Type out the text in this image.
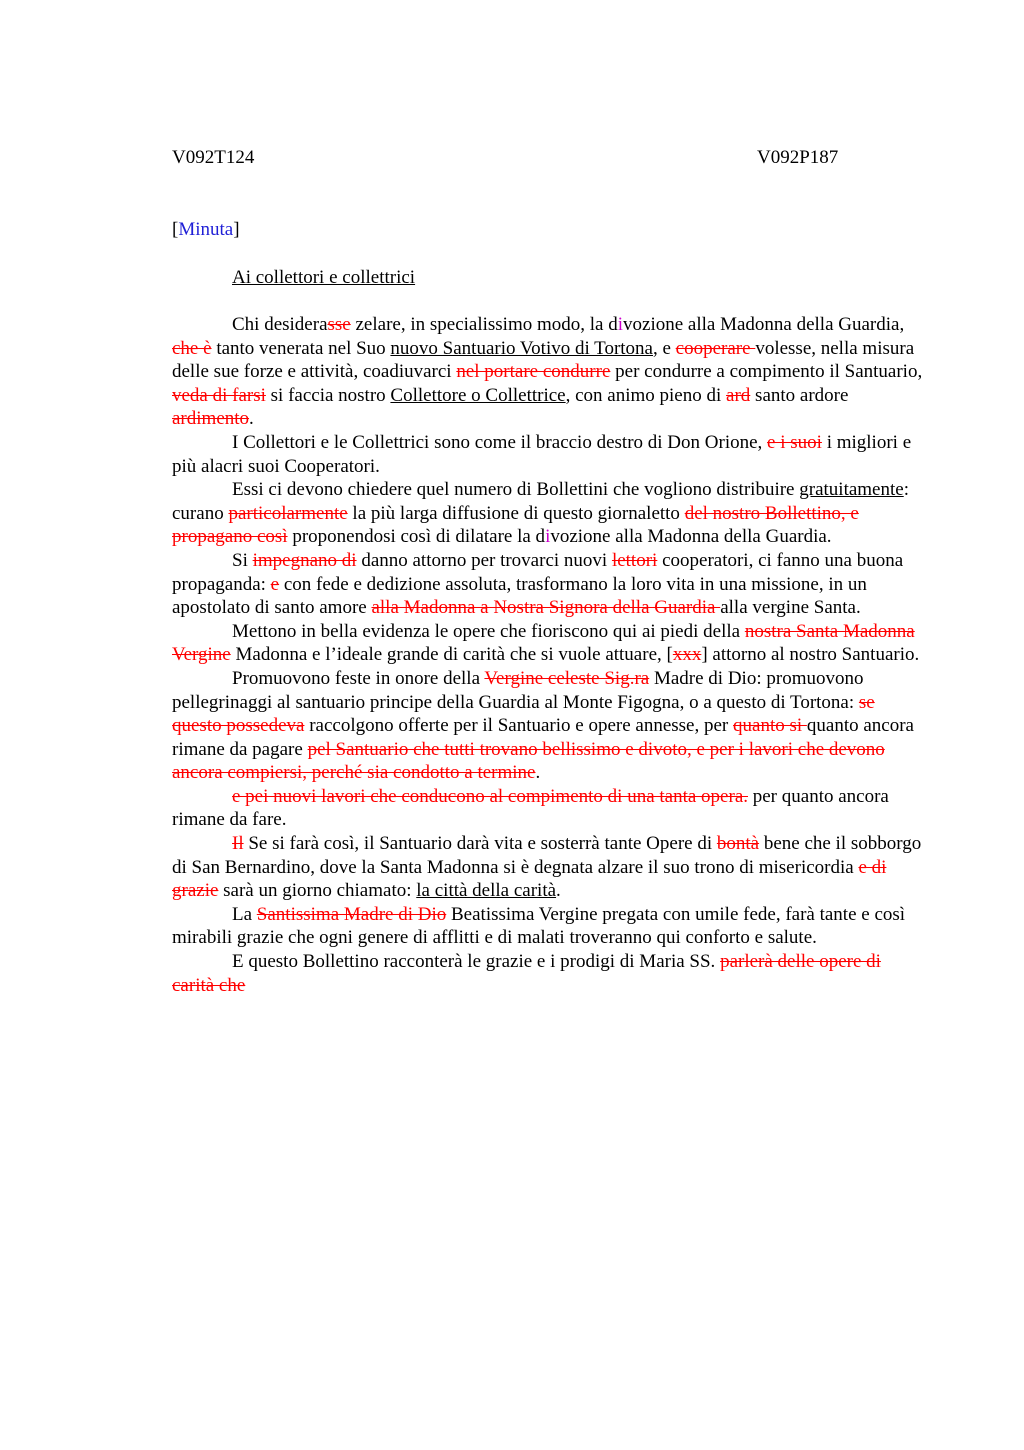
V092T124	V092P187
[Minuta]
Ai collettori e collettrici

Chi desiderasse zelare, in specialissimo modo, la divozione alla Madonna della Guardia, che è tanto venerata nel Suo nuovo Santuario Votivo di Tortona, e cooperare volesse, nella misura delle sue forze e attività, coadiuvarci nel portare condurre per condurre a compimento il Santuario, veda di farsi si faccia nostro Collettore o Collettrice, con animo pieno di ard santo ardore ardimento.

I Collettori e le Collettrici sono come il braccio destro di Don Orione, e i suoi i migliori e più alacri suoi Cooperatori.

Essi ci devono chiedere quel numero di Bollettini che vogliono distribuire gratuitamente: curano particolarmente la più larga diffusione di questo giornaletto del nostro Bollettino, e propagano così proponendosi così di dilatare la divozione alla Madonna della Guardia.

Si impegnano di danno attorno per trovarci nuovi lettori cooperatori, ci fanno una buona propaganda: e con fede e dedizione assoluta, trasformano la loro vita in una missione, in un apostolato di santo amore alla Madonna a Nostra Signora della Guardia alla vergine Santa.

Mettono in bella evidenza le opere che fioriscono qui ai piedi della nostra Santa Madonna Vergine Madonna e l’ideale grande di carità che si vuole attuare, [xxx] attorno al nostro Santuario.

Promuovono feste in onore della Vergine celeste Sig.ra Madre di Dio: promuovono pellegrinaggi al santuario principe della Guardia al Monte Figogna, o a questo di Tortona: se questo possedeva raccolgono offerte per il Santuario e opere annesse, per quanto si quanto ancora rimane da pagare pel Santuario che tutti trovano bellissimo e divoto, e per i lavori che devono ancora compiersi, perché sia condotto a termine.

e pei nuovi lavori che conducono al compimento di una tanta opera. per quanto ancora rimane da fare.

Il Se si farà così, il Santuario darà vita e sosterrà tante Opere di bontà bene che il sobborgo di San Bernardino, dove la Santa Madonna si è degnata alzare il suo trono di misericordia e di grazie sarà un giorno chiamato: la città della carità.

La Santissima Madre di Dio Beatissima Vergine pregata con umile fede, farà tante e così mirabili grazie che ogni genere di afflitti e di malati troveranno qui conforto e salute.

E questo Bollettino racconterà le grazie e i prodigi di Maria SS. parlerà delle opere di carità che
